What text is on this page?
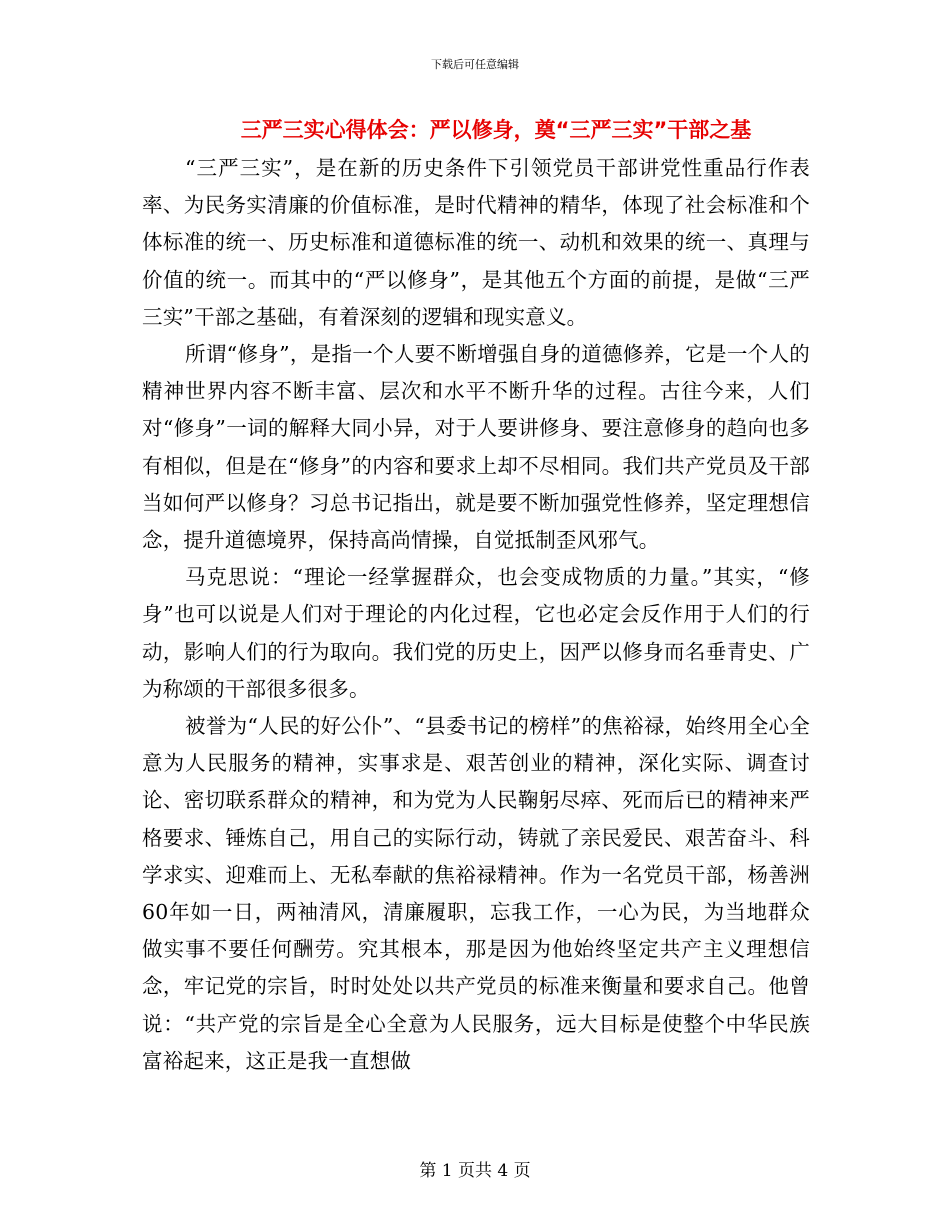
下载后可任意编辑
三严三实心得体会：严以修身，奠“三严三实”干部之基

“三严三实”，是在新的历史条件下引领党员干部讲党性重品行作表率、为民务实清廉的价值标准，是时代精神的精华，体现了社会标准和个体标准的统一、历史标准和道德标准的统一、动机和效果的统一、真理与价值的统一。而其中的“严以修身”，是其他五个方面的前提，是做“三严三实”干部之基础，有着深刻的逻辑和现实意义。

所谓“修身”，是指一个人要不断增强自身的道德修养，它是一个人的精神世界内容不断丰富、层次和水平不断升华的过程。古往今来，人们对“修身”一词的解释大同小异，对于人要讲修身、要注意修身的趋向也多有相似，但是在“修身”的内容和要求上却不尽相同。我们共产党员及干部当如何严以修身？习总书记指出，就是要不断加强党性修养，坚定理想信念，提升道德境界，保持高尚情操，自觉抵制歪风邪气。

马克思说：“理论一经掌握群众，也会变成物质的力量。”其实，“修身”也可以说是人们对于理论的内化过程，它也必定会反作用于人们的行动，影响人们的行为取向。我们党的历史上，因严以修身而名垂青史、广为称颂的干部很多很多。

被誉为“人民的好公仆”、“县委书记的榜样”的焦裕禄，始终用全心全意为人民服务的精神，实事求是、艰苦创业的精神，深化实际、调查讨论、密切联系群众的精神，和为党为人民鞠躬尽瘁、死而后已的精神来严格要求、锤炼自己，用自己的实际行动，铸就了亲民爱民、艰苦奋斗、科学求实、迎难而上、无私奉献的焦裕禄精神。作为一名党员干部，杨善洲60年如一日，两袖清风，清廉履职，忘我工作，一心为民，为当地群众做实事不要任何酬劳。究其根本，那是因为他始终坚定共产主义理想信念，牢记党的宗旨，时时处处以共产党员的标准来衡量和要求自己。他曾说：“共产党的宗旨是全心全意为人民服务，远大目标是使整个中华民族富裕起来，这正是我一直想做

第 1 页共 4 页
